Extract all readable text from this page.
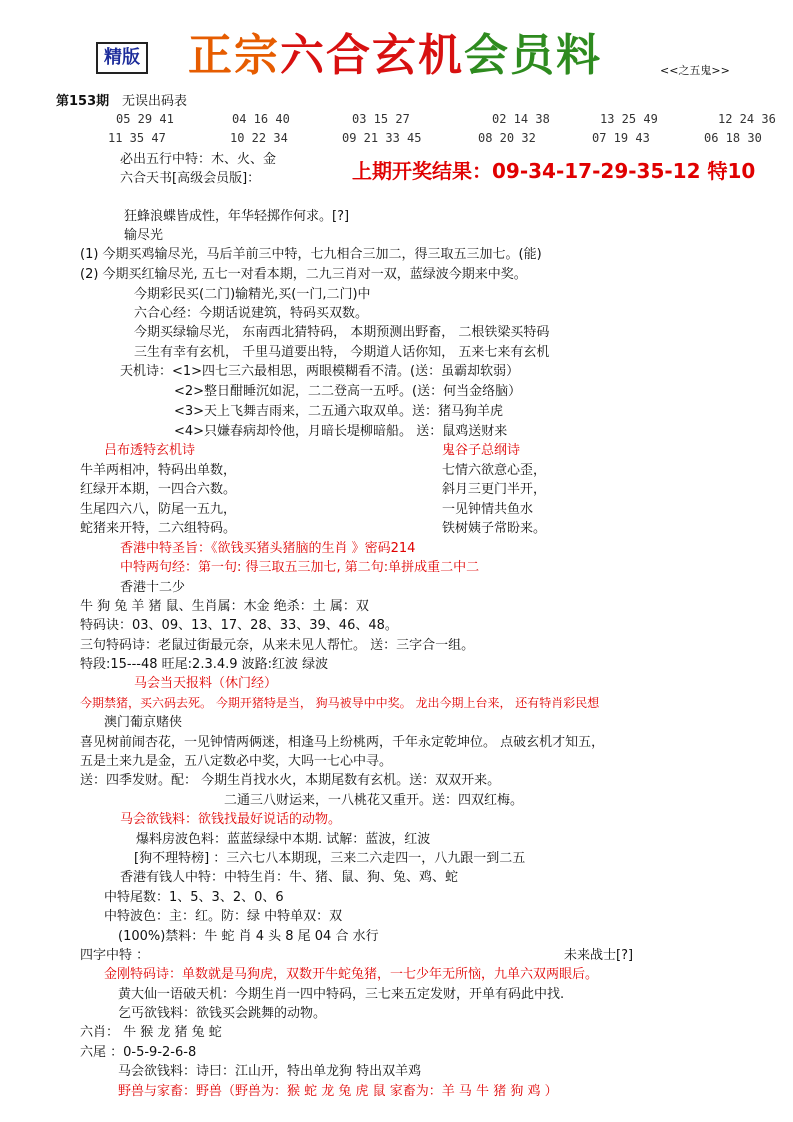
精版 正宗六合玄机会员料	<<之五鬼>>
第153期 无误出码表
05 29 41	04 16 40	03 15 27	02 14 38	13 25 49	12 24 36
11 35 47	10 22 34	09 21 33 45	08 20 32	07 19 43	06 18 30
上期开奖结果：09-34-17-29-35-12 特10
必出五行中特：木、火、金
六合天书[高级会员版]：
狂蜂浪蝶皆成性，年华轻掷作何求。[?]
输尽光
(1) 今期买鸡输尽光，马后羊前三中特，七九相合三加二，得三取五三加七。(能)
(2) 今期买红输尽光, 五七一对看本期，二九三肖对一双，蓝绿波今期来中奖。
今期彩民买(二门)输精光,买(一门,二门)中
六合心经：今期话说建筑，特码买双数。
今期买绿输尽光， 东南西北猜特码， 本期预测出野畜， 二根铁梁买特码
三生有幸有玄机， 千里马道要出特， 今期道人话你知， 五来七来有玄机
天机诗：<1>四七三六最相思，两眼模糊看不清。(送：虽霸却软弱）
<2>整日酣睡沉如泥，二二登高一五呼。(送：何当金络脑）
<3>天上飞舞吉雨来，二五通六取双单。送：猪马狗羊虎
<4>只嫌春病却怜他，月暗长堤柳暗船。 送：鼠鸡送财来
吕布透特玄机诗	鬼谷子总纲诗
牛羊两相冲，特码出单数，	七情六欲意心歪，
红绿开本期，一四合六数。	斜月三更门半开，
生尾四六八，防尾一五九，	一见钟情共鱼水
蛇猪来开特，二六组特码。	铁树姨子常盼来。
香港中特圣旨：《欲钱买猪头猪脑的生肖 》密码214
中特两句经：第一句: 得三取五三加七, 第二句:单拼成重二中二
香港十二少
牛 狗 兔 羊 猪 鼠、生肖属：木金 绝杀：土 属：双
特码诀：03、09、13、17、28、33、39、46、48。
三句特码诗：老鼠过街最元奈，从来未见人帮忙。 送：三字合一组。
特段:15---48 旺尾:2.3.4.9 波路:红波 绿波
马会当天报料（休门经）
今期禁猪，买六码去死。 今期开猪特是当， 狗马被导中中奖。 龙出今期上台来， 还有特肖彩民想
澳门葡京赌侠
喜见树前闹杏花，一见钟情两俩迷，相逢马上纷桃两，千年永定乾坤位。 点破玄机才知五，
五是土来九是金，五八定数必中奖，大吗一七心中寻。
送：四季发财。配： 今期生肖找水火，本期尾数有玄机。送：双双开来。
二通三八财运来，一八桃花又重开。送：四双红梅。
马会欲钱料：欲钱找最好说话的动物。
爆料房波色料：蓝蓝绿绿中本期. 试解：蓝波，红波
[狗不理特榜] ：三六七八本期现，三来二六走四一，八九跟一到二五
香港有钱人中特：中特生肖：牛、猪、鼠、狗、兔、鸡、蛇
中特尾数：1、5、3、2、0、6
中特波色：主：红。防：绿 中特单双：双
(100%)禁料：牛 蛇 肖 4 头 8 尾 04 合 水行
四字中特 ：	未来战士[?]
金刚特码诗：单数就是马狗虎，双数开牛蛇兔猪，一七少年无所恼，九单六双两眼后。
黄大仙一语破天机：今期生肖一四中特码，三七来五定发财，开单有码此中找.
乞丐欲钱料：欲钱买会跳舞的动物。
六肖： 牛 猴 龙 猪 兔 蛇
六尾 ：0-5-9-2-6-8
马会欲钱料：诗曰：江山开，特出单龙狗 特出双羊鸡
野兽与家畜：野兽（野兽为：猴 蛇 龙 兔 虎 鼠 家畜为：羊 马 牛 猪 狗 鸡 ）
